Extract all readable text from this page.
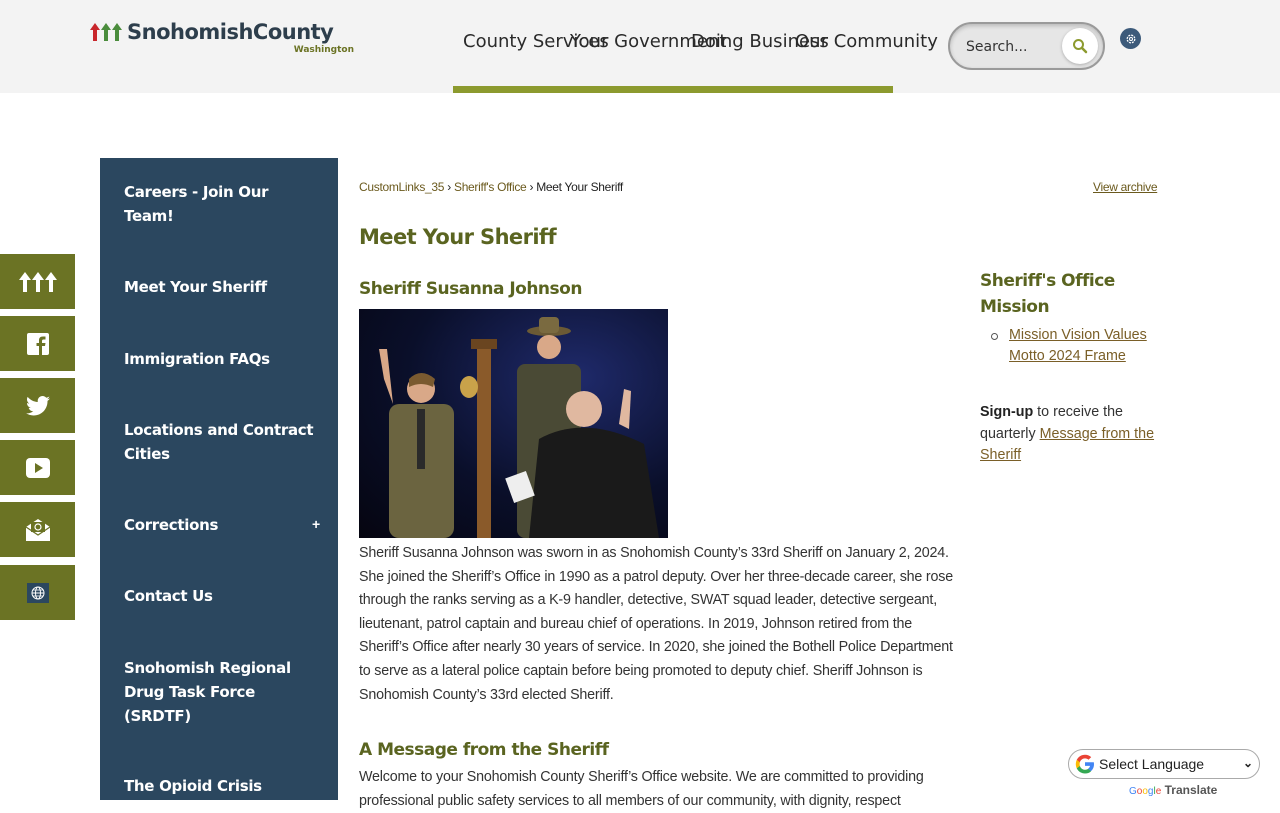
SnohomishCounty
Washington	County Services
Your Government
Doing Business
Our Community
Search...
Careers - Join Our Team!
Meet Your Sheriff
Immigration FAQs
Locations and Contract Cities
Corrections	+
Contact Us
Snohomish Regional Drug Task Force (SRDTF)
The Opioid Crisis
CustomLinks_35 › Sheriff's Office › Meet Your Sheriff	View archive
Meet Your Sheriff
Sheriff Susanna Johnson

Sheriff Susanna Johnson was sworn in as Snohomish County’s 33rd Sheriff on January 2, 2024. She joined the Sheriff’s Office in 1990 as a patrol deputy. Over her three-decade career, she rose through the ranks serving as a K-9 handler, detective, SWAT squad leader, detective sergeant, lieutenant, patrol captain and bureau chief of operations. In 2019, Johnson retired from the Sheriff’s Office after nearly 30 years of service. In 2020, she joined the Bothell Police Department to serve as a lateral police captain before being promoted to deputy chief. Sheriff Johnson is Snohomish County’s 33rd elected Sheriff.

A Message from the Sheriff

Welcome to your Snohomish County Sheriff’s Office website. We are committed to providing professional public safety services to all members of our community, with dignity, respect

Sheriff's Office Mission
Mission Vision Values Motto 2024 Frame

Sign-up to receive the quarterly Message from the Sheriff

Select Language	⌄
Google Translate
